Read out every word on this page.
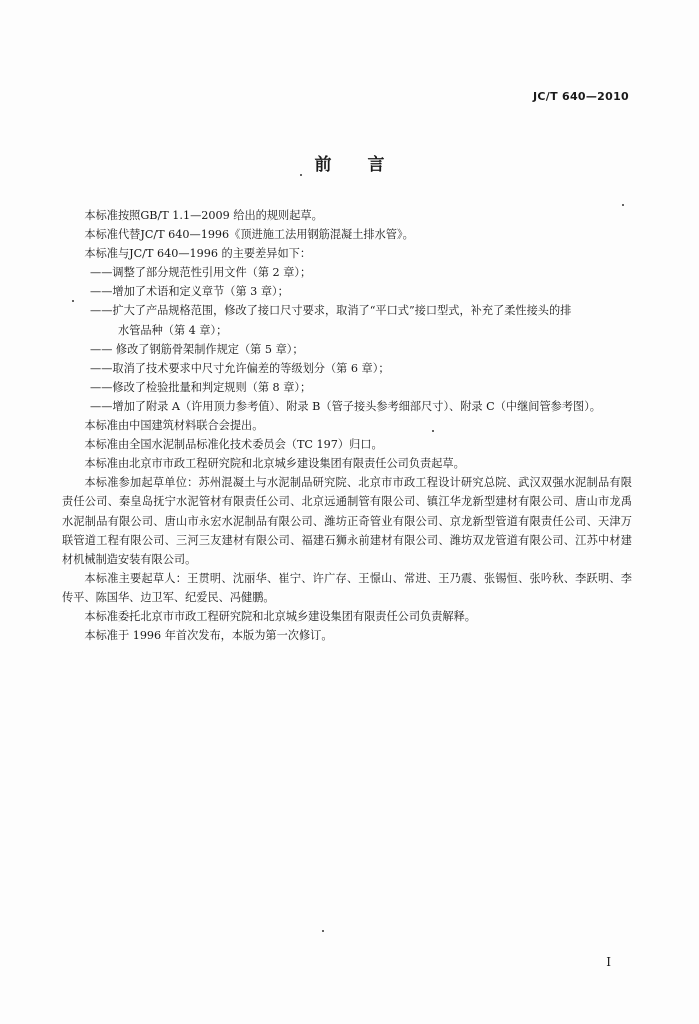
JC/T 640—2010
前言

本标准按照GB/T 1.1—2009 给出的规则起草。

本标准代替JC/T 640—1996《顶进施工法用钢筋混凝土排水管》。

本标准与JC/T 640—1996 的主要差异如下：

——调整了部分规范性引用文件（第 2 章）；

——增加了术语和定义章节（第 3 章）；

——扩大了产品规格范围，修改了接口尺寸要求，取消了“平口式”接口型式，补充了柔性接头的排
水管品种（第 4 章）；

—— 修改了钢筋骨架制作规定（第 5 章）；

——取消了技术要求中尺寸允许偏差的等级划分（第 6 章）；

——修改了检验批量和判定规则（第 8 章）；

——增加了附录 A（许用顶力参考值）、附录 B（管子接头参考细部尺寸）、附录 C（中继间管参考图）。

本标准由中国建筑材料联合会提出。

本标准由全国水泥制品标准化技术委员会（TC 197）归口。

本标准由北京市市政工程研究院和北京城乡建设集团有限责任公司负责起草。

本标准参加起草单位：苏州混凝土与水泥制品研究院、北京市市政工程设计研究总院、武汉双强水泥制品有限责任公司、秦皇岛抚宁水泥管材有限责任公司、北京远通制管有限公司、镇江华龙新型建材有限公司、唐山市龙禹水泥制品有限公司、唐山市永宏水泥制品有限公司、潍坊正奇管业有限公司、京龙新型管道有限责任公司、天津万联管道工程有限公司、三河三友建材有限公司、福建石狮永前建材有限公司、潍坊双龙管道有限公司、江苏中材建材机械制造安装有限公司。

本标准主要起草人：王贯明、沈丽华、崔宁、许广存、王憬山、常进、王乃震、张锡恒、张吟秋、李跃明、李传平、陈国华、边卫军、纪爱民、冯健鹏。

本标准委托北京市市政工程研究院和北京城乡建设集团有限责任公司负责解释。

本标准于 1996 年首次发布，本版为第一次修订。

I
